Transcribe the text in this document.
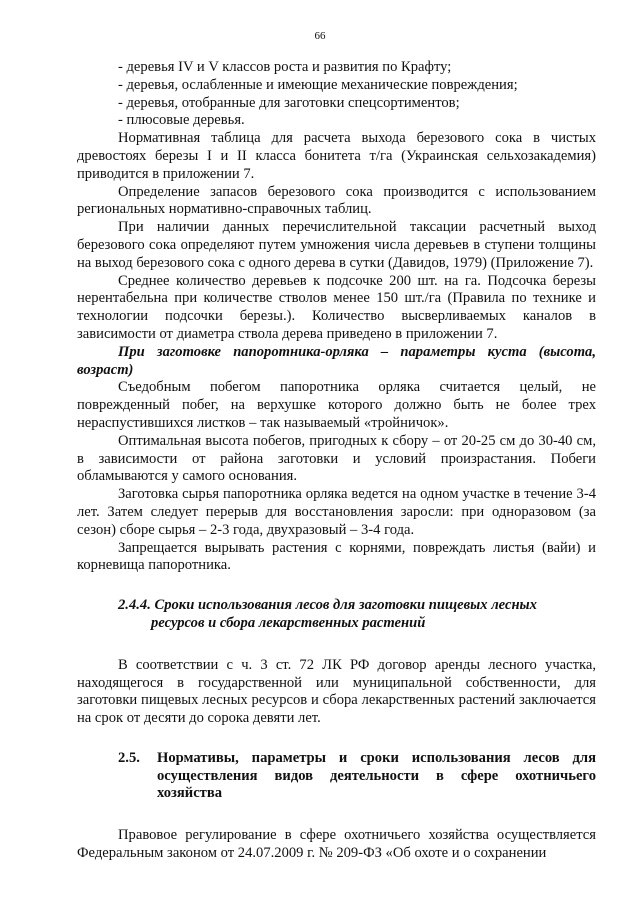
66

- деревья IV и V классов роста и развития по Крафту;

- деревья, ослабленные и имеющие механические повреждения;

- деревья, отобранные для заготовки спецсортиментов;

- плюсовые деревья.

Нормативная таблица для расчета выхода березового сока в чистых древостоях березы I и II класса бонитета т/га (Украинская сельхозакадемия) приводится в приложении 7.

Определение запасов березового сока производится с использованием региональных нормативно-справочных таблиц.

При наличии данных перечислительной таксации расчетный выход березового сока определяют путем умножения числа деревьев в ступени толщины на выход березового сока с одного дерева в сутки (Давидов, 1979) (Приложение 7).

Среднее количество деревьев к подсочке 200 шт. на га. Подсочка березы нерентабельна при количестве стволов менее 150 шт./га (Правила по технике и технологии подсочки березы.). Количество высверливаемых каналов в зависимости от диаметра ствола дерева приведено в приложении 7.

При заготовке папоротника-орляка – параметры куста (высота, возраст)

Съедобным побегом папоротника орляка считается целый, не поврежденный побег, на верхушке которого должно быть не более трех нераспустившихся листков – так называемый «тройничок».

Оптимальная высота побегов, пригодных к сбору – от 20-25 см до 30-40 см, в зависимости от района заготовки и условий произрастания. Побеги обламываются у самого основания.

Заготовка сырья папоротника орляка ведется на одном участке в течение 3-4 лет. Затем следует перерыв для восстановления заросли: при одноразовом (за сезон) сборе сырья – 2-3 года, двухразовый – 3-4 года.

Запрещается вырывать растения с корнями, повреждать листья (вайи) и корневища папоротника.

2.4.4. Сроки использования лесов для заготовки пищевых лесных
ресурсов и сбора лекарственных растений

В соответствии с ч. 3 ст. 72 ЛК РФ договор аренды лесного участка, находящегося в государственной или муниципальной собственности, для заготовки пищевых лесных ресурсов и сбора лекарственных растений заключается на срок от десяти до сорока девяти лет.

2.5.	Нормативы, параметры и сроки использования лесов для осуществления видов деятельности в сфере охотничьего хозяйства

Правовое регулирование в сфере охотничьего хозяйства осуществляется Федеральным законом от 24.07.2009 г. № 209-ФЗ «Об охоте и о сохранении
